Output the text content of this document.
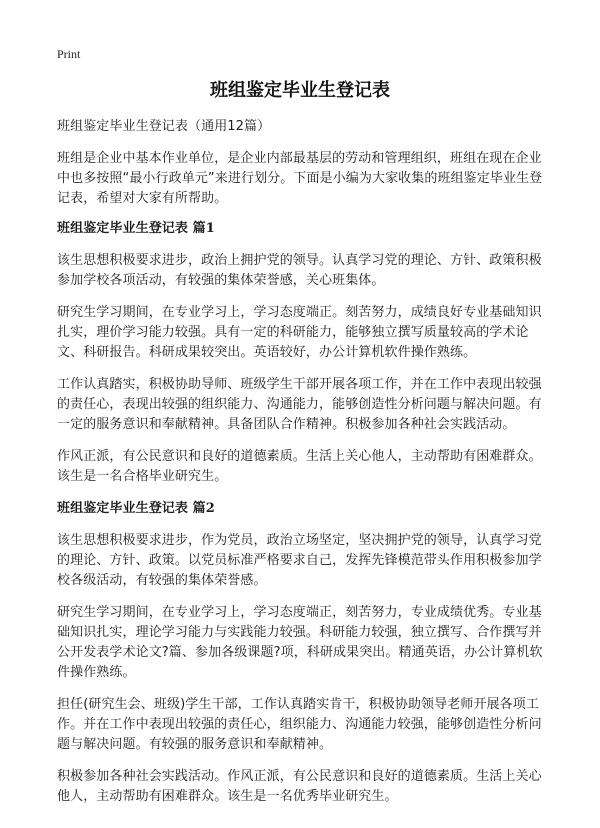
Print
班组鉴定毕业生登记表

班组鉴定毕业生登记表（通用12篇）

班组是企业中基本作业单位，是企业内部最基层的劳动和管理组织，班组在现在企业中也多按照“最小行政单元”来进行划分。下面是小编为大家收集的班组鉴定毕业生登记表，希望对大家有所帮助。

班组鉴定毕业生登记表 篇1

该生思想积极要求进步，政治上拥护党的领导。认真学习党的理论、方针、政策积极参加学校各项活动，有较强的集体荣誉感，关心班集体。

研究生学习期间，在专业学习上，学习态度端正。刻苦努力，成绩良好专业基础知识扎实，理价学习能力较强。具有一定的科研能力，能够独立撰写质量较高的学术论文、科研报告。科研成果较突出。英语较好，办公计算机软件操作熟练。

工作认真踏实，积极协助导师、班级学生干部开展各项工作，并在工作中表现出较强的责任心，表现出较强的组织能力、沟通能力，能够创造性分析问题与解决问题。有一定的服务意识和奉献精神。具备团队合作精神。积极参加各种社会实践活动。

作风正派，有公民意识和良好的道德素质。生活上关心他人，主动帮助有困难群众。该生是一名合格毕业研究生。

班组鉴定毕业生登记表 篇2

该生思想积极要求进步，作为党员，政治立场坚定，坚决拥护党的领导，认真学习党的理论、方针、政策。以党员标准严格要求自己，发挥先锋模范带头作用积极参加学校各级活动，有较强的集体荣誉感。

研究生学习期间，在专业学习上，学习态度端正，刻苦努力，专业成绩优秀。专业基础知识扎实，理论学习能力与实践能力较强。科研能力较强，独立撰写、合作撰写并公开发表学术论文?篇、参加各级课题?项，科研成果突出。精通英语，办公计算机软件操作熟练。

担任(研究生会、班级)学生干部，工作认真踏实肯干，积极协助领导老师开展各项工作。并在工作中表现出较强的责任心，组织能力、沟通能力较强，能够创造性分析问题与解决问题。有较强的服务意识和奉献精神。

积极参加各种社会实践活动。作风正派，有公民意识和良好的道德素质。生活上关心他人，主动帮助有困难群众。该生是一名优秀毕业研究生。
